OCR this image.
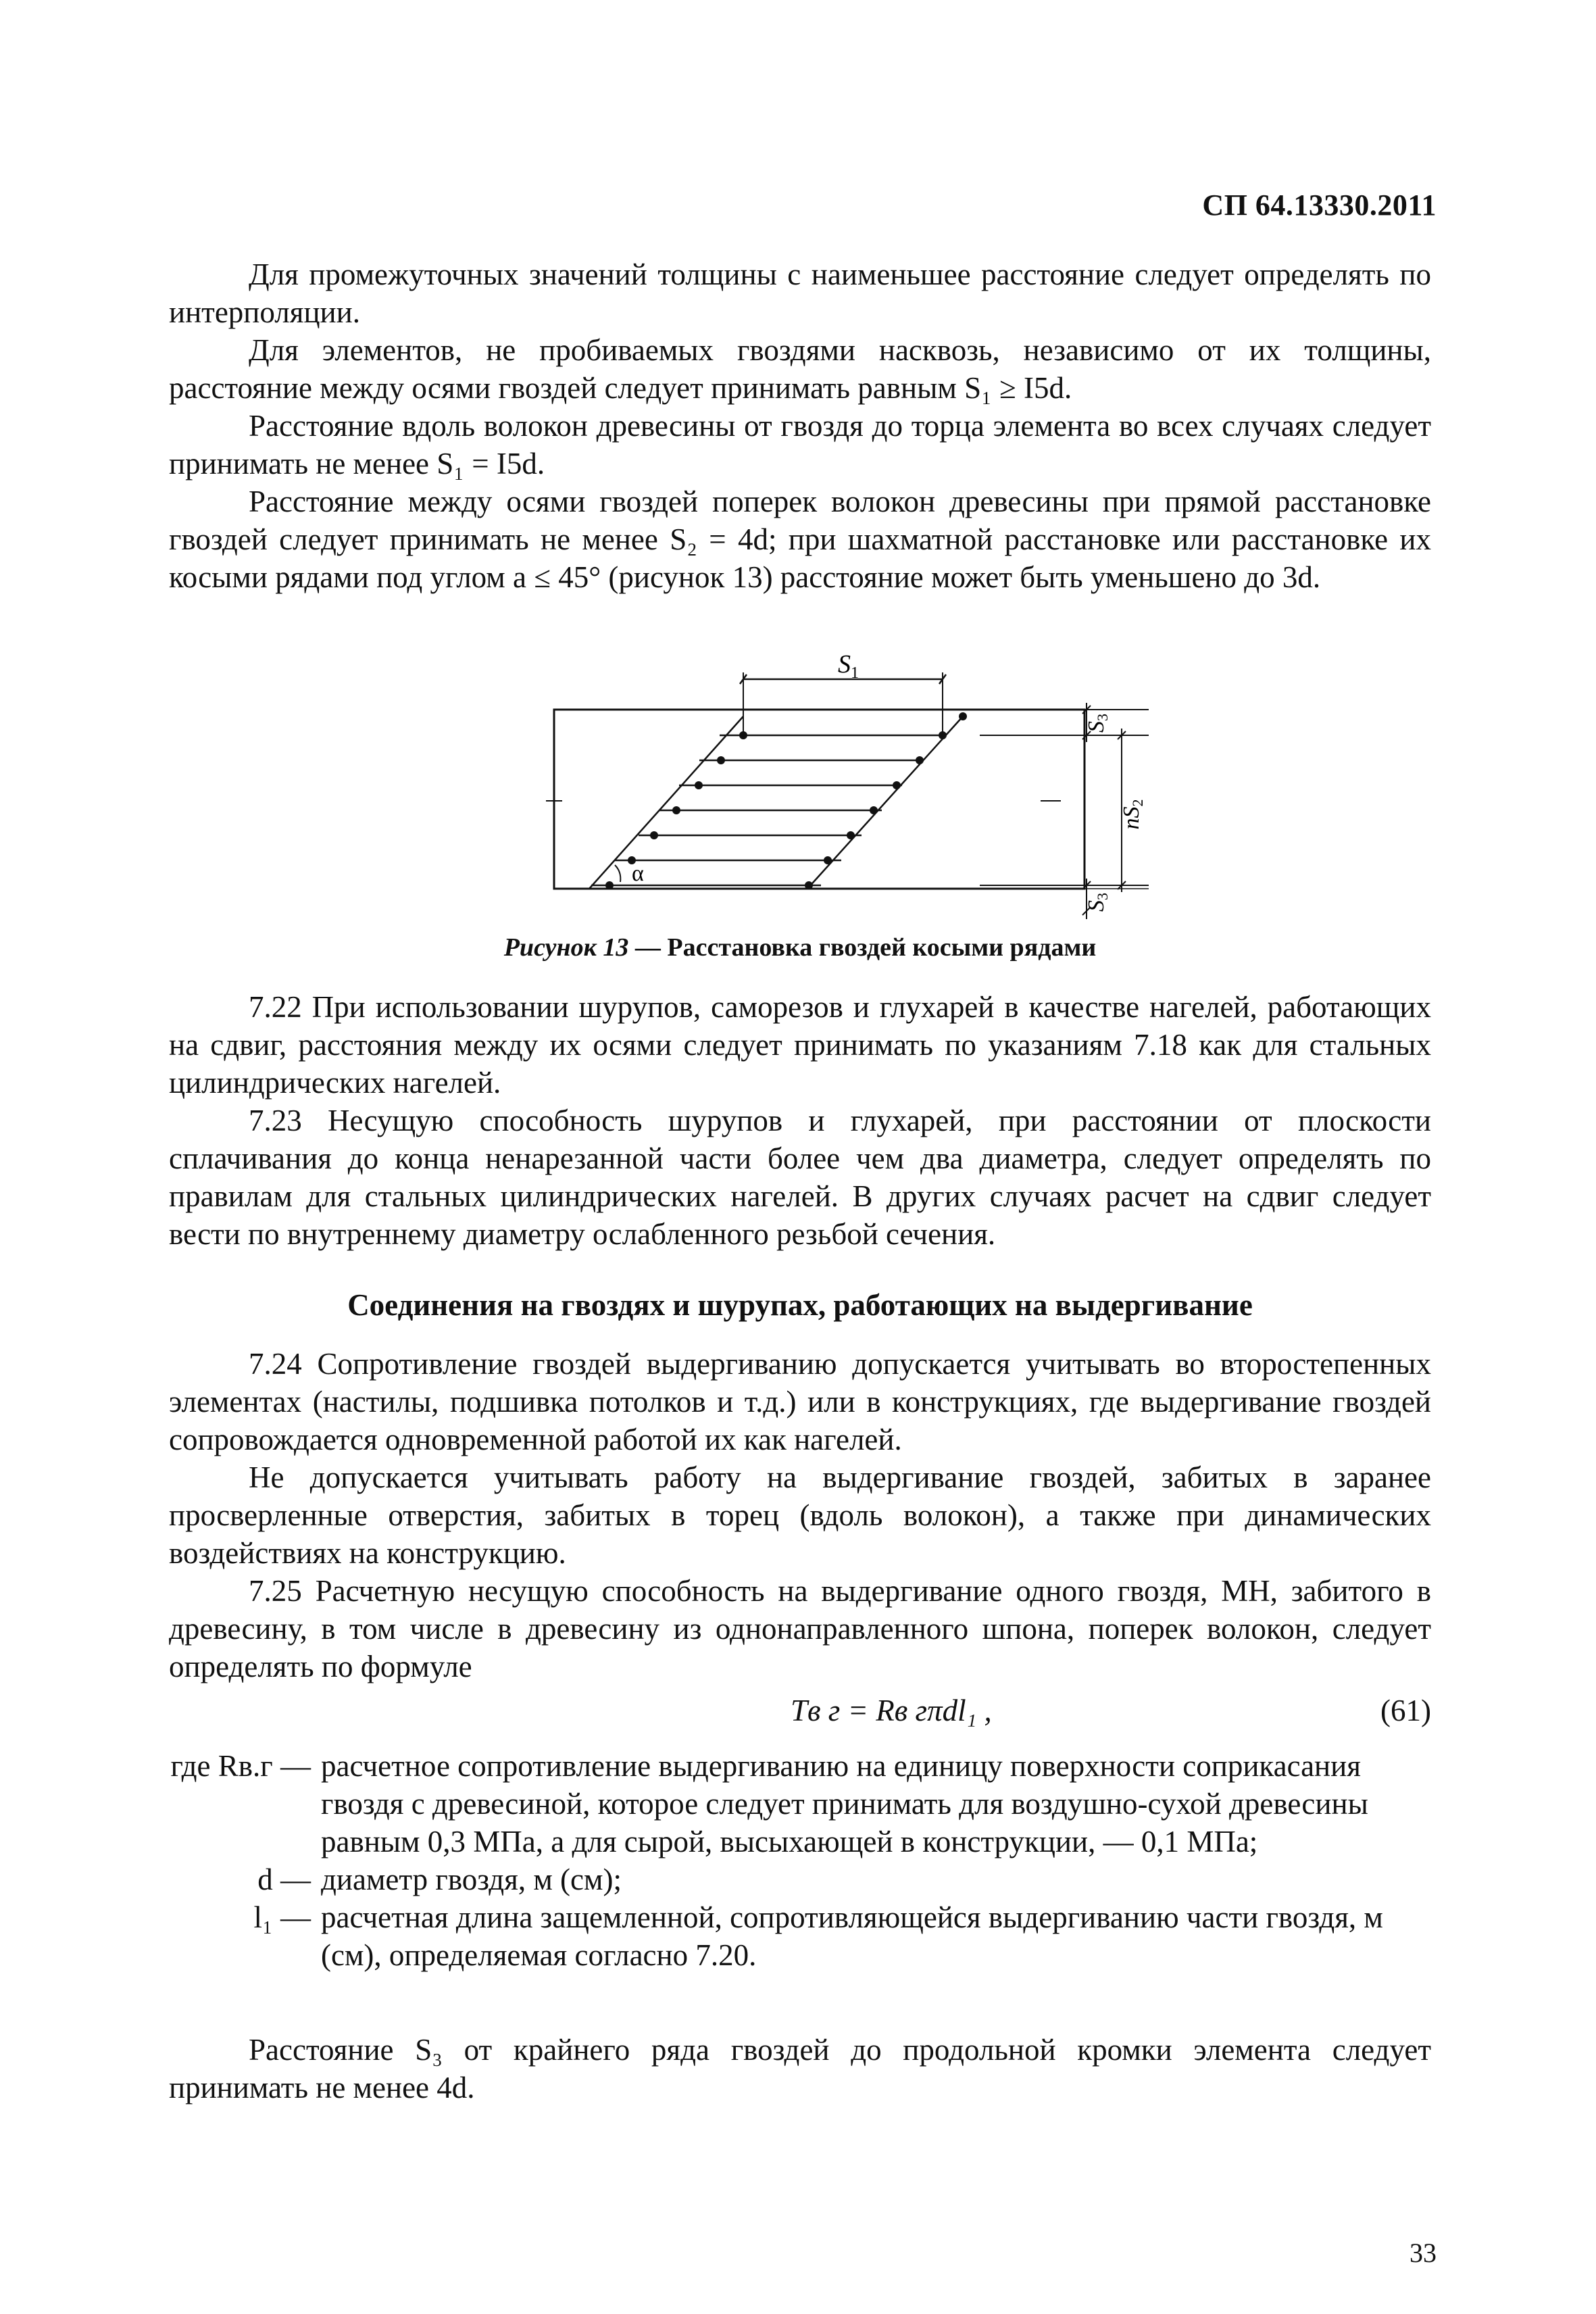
СП 64.13330.2011
Для промежуточных значений толщины с наименьшее расстояние следует определять по интерполяции.
Для элементов, не пробиваемых гвоздями насквозь, независимо от их толщины, расстояние между осями гвоздей следует принимать равным S₁ ≥ I5d.
Расстояние вдоль волокон древесины от гвоздя до торца элемента во всех случаях следует принимать не менее S₁ = I5d.
Расстояние между осями гвоздей поперек волокон древесины при прямой расстановке гвоздей следует принимать не менее S₂ = 4d; при шахматной расстановке или расстановке их косыми рядами под углом a ≤ 45° (рисунок 13) расстояние может быть уменьшено до 3d.
$S_1$
α
S3
nS2
S3
Рисунок 13 — Расстановка гвоздей косыми рядами
7.22 При использовании шурупов, саморезов и глухарей в качестве нагелей, работающих на сдвиг, расстояния между их осями следует принимать по указаниям 7.18 как для стальных цилиндрических нагелей.
7.23 Несущую способность шурупов и глухарей, при расстоянии от плоскости сплачивания до конца ненарезанной части более чем два диаметра, следует определять по правилам для стальных цилиндрических нагелей. В других случаях расчет на сдвиг следует вести по внутреннему диаметру ослабленного резьбой сечения.
Соединения на гвоздях и шурупах, работающих на выдергивание
7.24 Сопротивление гвоздей выдергиванию допускается учитывать во второстепенных элементах (настилы, подшивка потолков и т.д.) или в конструкциях, где выдергивание гвоздей сопровождается одновременной работой их как нагелей.
Не допускается учитывать работу на выдергивание гвоздей, забитых в заранее просверленные отверстия, забитых в торец (вдоль волокон), а также при динамических воздействиях на конструкцию.
7.25 Расчетную несущую способность на выдергивание одного гвоздя, МН, забитого в древесину, в том числе в древесину из однонаправленного шпона, поперек волокон, следует определять по формуле
Tв г = Rв гπdl₁ ,	(61)
где Rв.г — расчетное сопротивление выдергиванию на единицу поверхности соприкасания гвоздя с древесиной, которое следует принимать для воздушно-сухой древесины равным 0,3 МПа, а для сырой, высыхающей в конструкции, — 0,1 МПа;
d — диаметр гвоздя, м (см);
l₁ — расчетная длина защемленной, сопротивляющейся выдергиванию части гвоздя, м (см), определяемая согласно 7.20.
Расстояние S₃ от крайнего ряда гвоздей до продольной кромки элемента следует принимать не менее 4d.
33
